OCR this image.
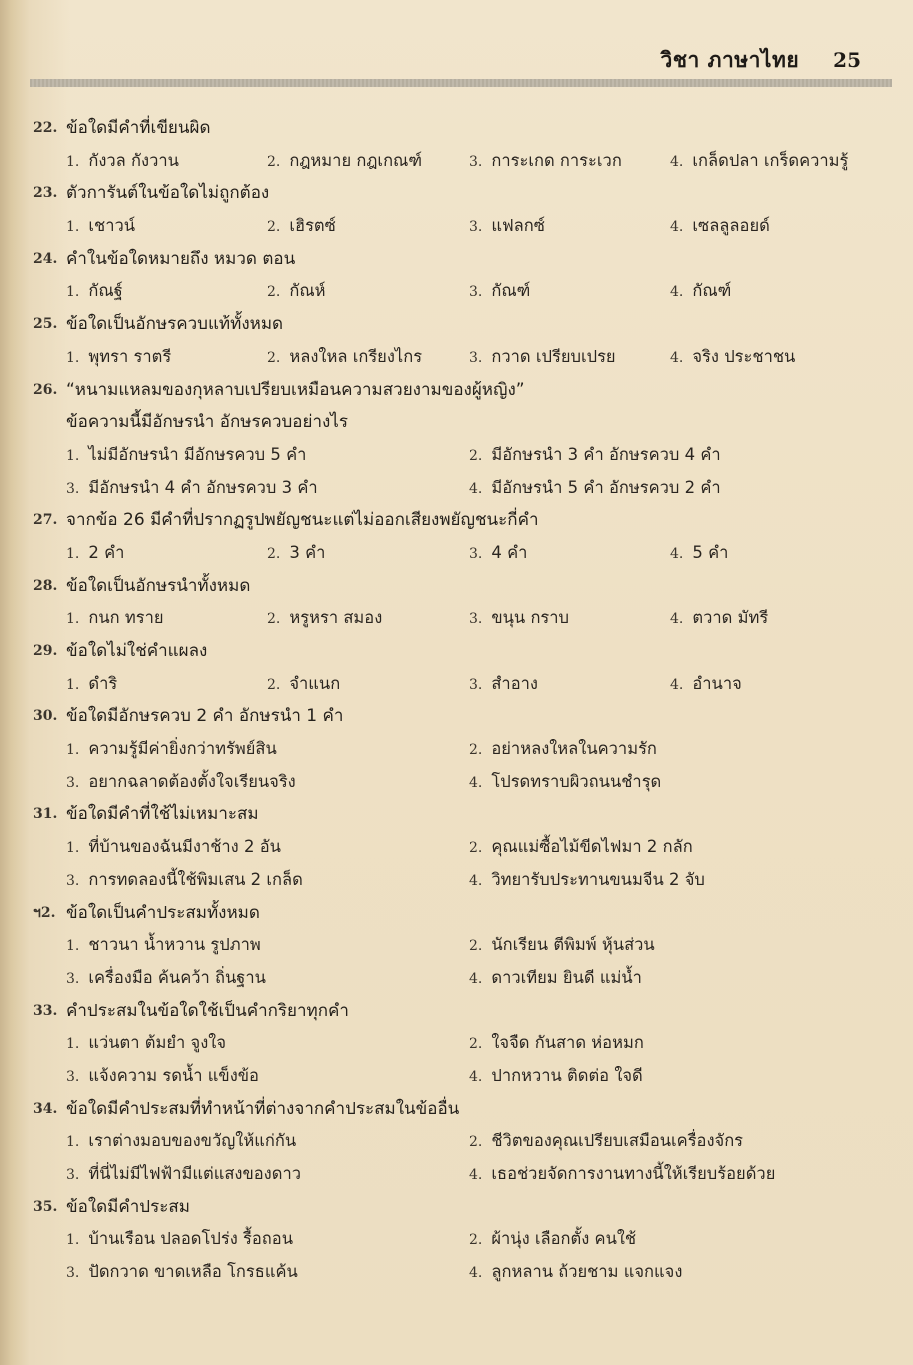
วิชา ภาษาไทย 25
22. ข้อใดมีคำที่เขียนผิด
1. กังวล กังวาน	2. กฎหมาย กฎเกณฑ์	3. การะเกด การะเวก	4. เกล็ดปลา เกร็ดความรู้
23. ตัวการันต์ในข้อใดไม่ถูกต้อง
1. เชาวน์	2. เฮิรตซ์	3. แฟลกซ์	4. เซลลูลอยด์
24. คำในข้อใดหมายถึง หมวด ตอน
1. กัณฐ์	2. กัณห์	3. กัณฑ์	4. กัณฑ์
25. ข้อใดเป็นอักษรควบแท้ทั้งหมด
1. พุทรา ราตรี	2. หลงใหล เกรียงไกร	3. กวาด เปรียบเปรย	4. จริง ประชาชน
26. “หนามแหลมของกุหลาบเปรียบเหมือนความสวยงามของผู้หญิง”
ข้อความนี้มีอักษรนำ อักษรควบอย่างไร
1. ไม่มีอักษรนำ มีอักษรควบ 5 คำ	2. มีอักษรนำ 3 คำ อักษรควบ 4 คำ
3. มีอักษรนำ 4 คำ อักษรควบ 3 คำ	4. มีอักษรนำ 5 คำ อักษรควบ 2 คำ
27. จากข้อ 26 มีคำที่ปรากฏรูปพยัญชนะแต่ไม่ออกเสียงพยัญชนะกี่คำ
1. 2 คำ	2. 3 คำ	3. 4 คำ	4. 5 คำ
28. ข้อใดเป็นอักษรนำทั้งหมด
1. กนก ทราย	2. หรูหรา สมอง	3. ขนุน กราบ	4. ตวาด มัทรี
29. ข้อใดไม่ใช่คำแผลง
1. ดำริ	2. จำแนก	3. สำอาง	4. อำนาจ
30. ข้อใดมีอักษรควบ 2 คำ อักษรนำ 1 คำ
1. ความรู้มีค่ายิ่งกว่าทรัพย์สิน	2. อย่าหลงใหลในความรัก
3. อยากฉลาดต้องตั้งใจเรียนจริง	4. โปรดทราบผิวถนนชำรุด
31. ข้อใดมีคำที่ใช้ไม่เหมาะสม
1. ที่บ้านของฉันมีงาช้าง 2 อัน	2. คุณแม่ซื้อไม้ขีดไฟมา 2 กลัก
3. การทดลองนี้ใช้พิมเสน 2 เกล็ด	4. วิทยารับประทานขนมจีน 2 จับ
ฯ2. ข้อใดเป็นคำประสมทั้งหมด
1. ชาวนา น้ำหวาน รูปภาพ	2. นักเรียน ตีพิมพ์ หุ้นส่วน
3. เครื่องมือ ค้นคว้า ถิ่นฐาน	4. ดาวเทียม ยินดี แม่น้ำ
33. คำประสมในข้อใดใช้เป็นคำกริยาทุกคำ
1. แว่นตา ต้มยำ จูงใจ	2. ใจจืด กันสาด ห่อหมก
3. แจ้งความ รดน้ำ แข็งข้อ	4. ปากหวาน ติดต่อ ใจดี
34. ข้อใดมีคำประสมที่ทำหน้าที่ต่างจากคำประสมในข้ออื่น
1. เราต่างมอบของขวัญให้แก่กัน	2. ชีวิตของคุณเปรียบเสมือนเครื่องจักร
3. ที่นี่ไม่มีไฟฟ้ามีแต่แสงของดาว	4. เธอช่วยจัดการงานทางนี้ให้เรียบร้อยด้วย
35. ข้อใดมีคำประสม
1. บ้านเรือน ปลอดโปร่ง รื้อถอน	2. ผ้านุ่ง เลือกตั้ง คนใช้
3. ปัดกวาด ขาดเหลือ โกรธแค้น	4. ลูกหลาน ถ้วยชาม แจกแจง
